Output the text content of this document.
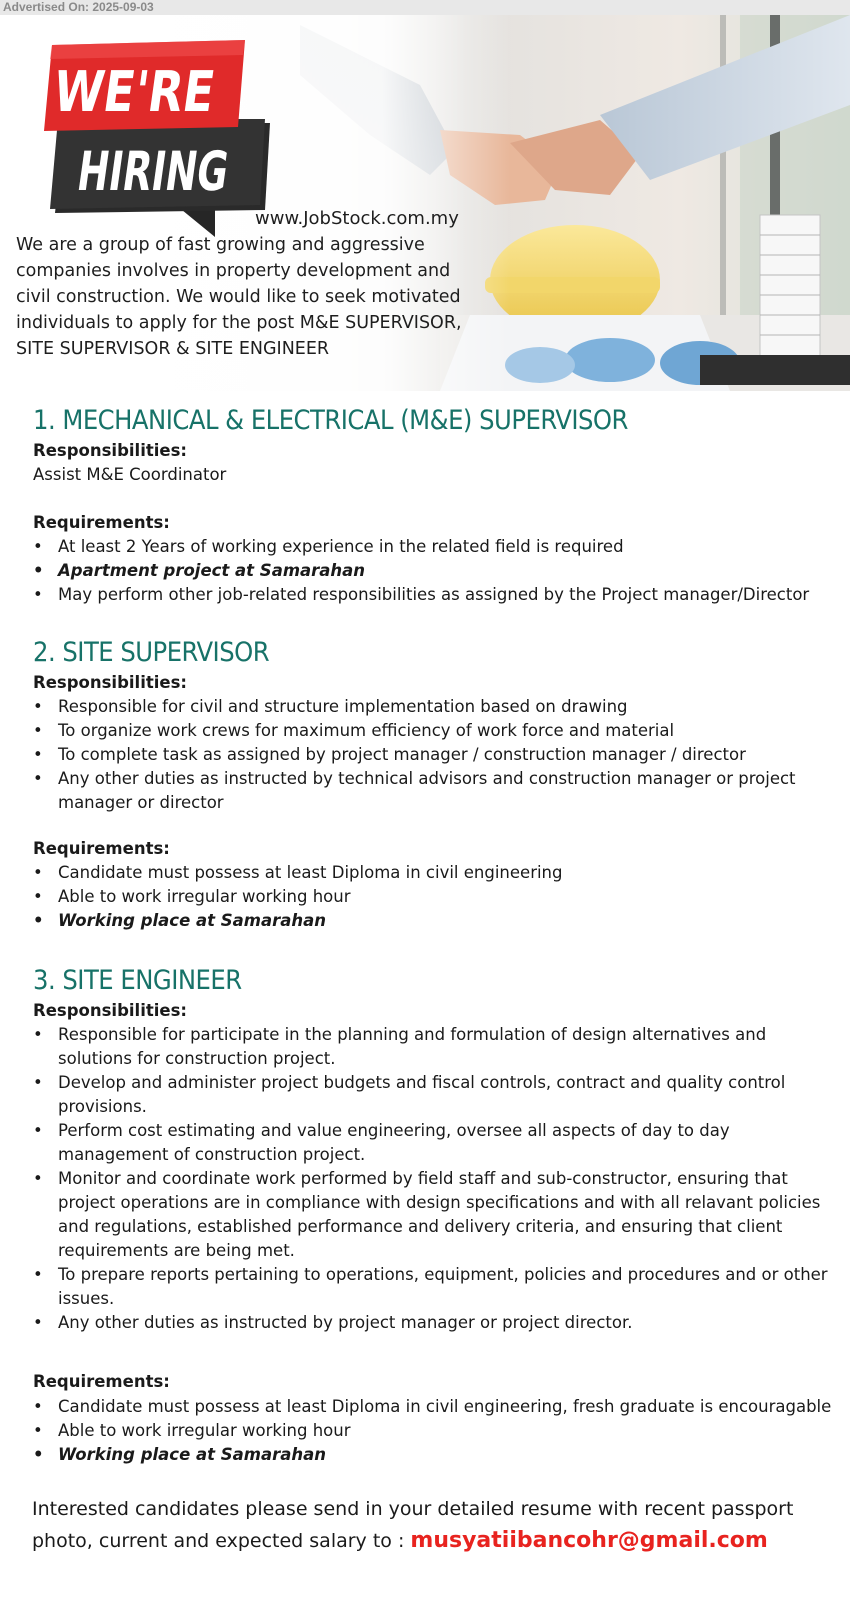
Advertised On: 2025-09-03
WE'RE
HIRING
www.JobStock.com.my
We are a group of fast growing and aggressive companies involves in property development and civil construction. We would like to seek motivated individuals to apply for the post M&E SUPERVISOR, SITE SUPERVISOR & SITE ENGINEER
1. MECHANICAL & ELECTRICAL (M&E) SUPERVISOR
Responsibilities:
Assist M&E Coordinator
Requirements:
• At least 2 Years of working experience in the related field is required
• Apartment project at Samarahan
• May perform other job-related responsibilities as assigned by the Project manager/Director
2. SITE SUPERVISOR
Responsibilities:
• Responsible for civil and structure implementation based on drawing
• To organize work crews for maximum efficiency of work force and material
• To complete task as assigned by project manager / construction manager / director
• Any other duties as instructed by technical advisors and construction manager or project manager or director
Requirements:
• Candidate must possess at least Diploma in civil engineering
• Able to work irregular working hour
• Working place at Samarahan
3. SITE ENGINEER
Responsibilities:
• Responsible for participate in the planning and formulation of design alternatives and solutions for construction project.
• Develop and administer project budgets and fiscal controls, contract and quality control provisions.
• Perform cost estimating and value engineering, oversee all aspects of day to day management of construction project.
• Monitor and coordinate work performed by field staff and sub-constructor, ensuring that project operations are in compliance with design specifications and with all relavant policies and regulations, established performance and delivery criteria, and ensuring that client requirements are being met.
• To prepare reports pertaining to operations, equipment, policies and procedures and or other issues.
• Any other duties as instructed by project manager or project director.
Requirements:
• Candidate must possess at least Diploma in civil engineering, fresh graduate is encouragable
• Able to work irregular working hour
• Working place at Samarahan
Interested candidates please send in your detailed resume with recent passport photo, current and expected salary to : musyatiibancohr@gmail.com
